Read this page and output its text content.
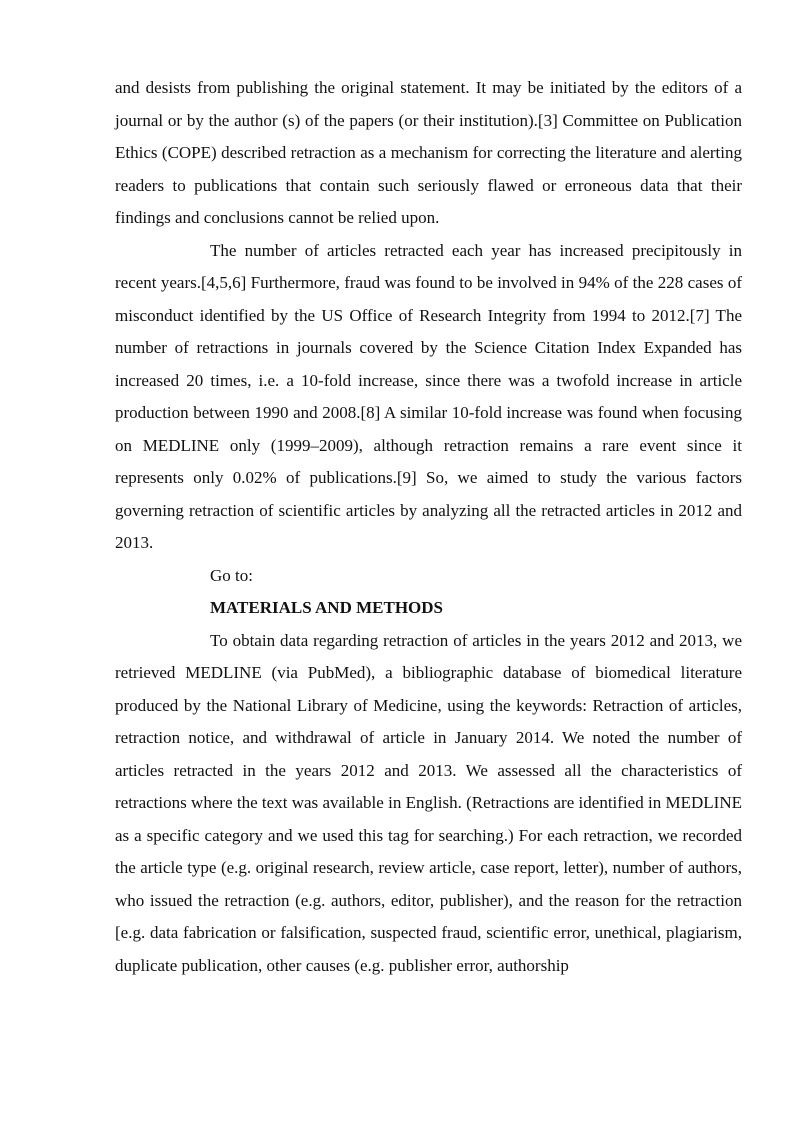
and desists from publishing the original statement. It may be initiated by the editors of a journal or by the author (s) of the papers (or their institution).[3] Committee on Publication Ethics (COPE) described retraction as a mechanism for correcting the literature and alerting readers to publications that contain such seriously flawed or erroneous data that their findings and conclusions cannot be relied upon.

The number of articles retracted each year has increased precipitously in recent years.[4,5,6] Furthermore, fraud was found to be involved in 94% of the 228 cases of misconduct identified by the US Office of Research Integrity from 1994 to 2012.[7] The number of retractions in journals covered by the Science Citation Index Expanded has increased 20 times, i.e. a 10-fold increase, since there was a twofold increase in article production between 1990 and 2008.[8] A similar 10-fold increase was found when focusing on MEDLINE only (1999–2009), although retraction remains a rare event since it represents only 0.02% of publications.[9] So, we aimed to study the various factors governing retraction of scientific articles by analyzing all the retracted articles in 2012 and 2013.

Go to:

MATERIALS AND METHODS

To obtain data regarding retraction of articles in the years 2012 and 2013, we retrieved MEDLINE (via PubMed), a bibliographic database of biomedical literature produced by the National Library of Medicine, using the keywords: Retraction of articles, retraction notice, and withdrawal of article in January 2014. We noted the number of articles retracted in the years 2012 and 2013. We assessed all the characteristics of retractions where the text was available in English. (Retractions are identified in MEDLINE as a specific category and we used this tag for searching.) For each retraction, we recorded the article type (e.g. original research, review article, case report, letter), number of authors, who issued the retraction (e.g. authors, editor, publisher), and the reason for the retraction [e.g. data fabrication or falsification, suspected fraud, scientific error, unethical, plagiarism, duplicate publication, other causes (e.g. publisher error, authorship
